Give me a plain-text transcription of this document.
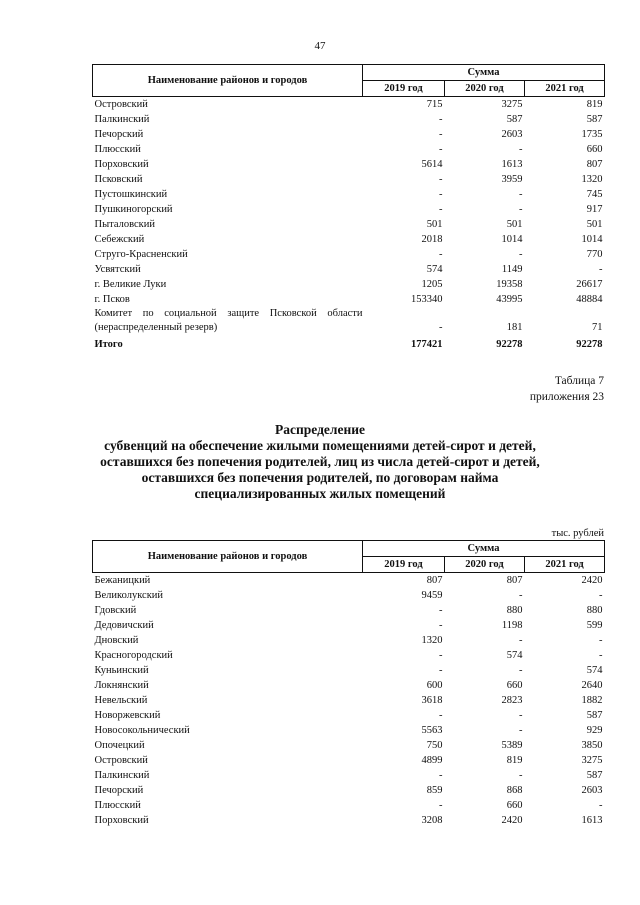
47
Наименование районов и городов	Сумма		
	2019 год	2020 год	2021 год
Островский	715	3275	819
Палкинский	-	587	587
Печорский	-	2603	1735
Плюсский	-	-	660
Порховский	5614	1613	807
Псковский	-	3959	1320
Пустошкинский	-	-	745
Пушкиногорский	-	-	917
Пыталовский	501	501	501
Себежский	2018	1014	1014
Струго-Красненский	-	-	770
Усвятский	574	1149	-
г. Великие Луки	1205	19358	26617
г. Псков	153340	43995	48884
Комитет по социальной защите Псковской области (нераспределенный резерв)	-	181	71
Итого	177421	92278	92278
Таблица 7
приложения 23
Распределение
субвенций на обеспечение жилыми помещениями детей-сирот и детей,
оставшихся без попечения родителей, лиц из числа детей-сирот и детей,
оставшихся без попечения родителей, по договорам найма
специализированных жилых помещений
тыс. рублей
Наименование районов и городов	Сумма		
	2019 год	2020 год	2021 год
Бежаницкий	807	807	2420
Великолукский	9459	-	-
Гдовский	-	880	880
Дедовичский	-	1198	599
Дновский	1320	-	-
Красногородский	-	574	-
Куньинский	-	-	574
Локнянский	600	660	2640
Невельский	3618	2823	1882
Новоржевский	-	-	587
Новосокольнический	5563	-	929
Опочецкий	750	5389	3850
Островский	4899	819	3275
Палкинский	-	-	587
Печорский	859	868	2603
Плюсский	-	660	-
Порховский	3208	2420	1613
